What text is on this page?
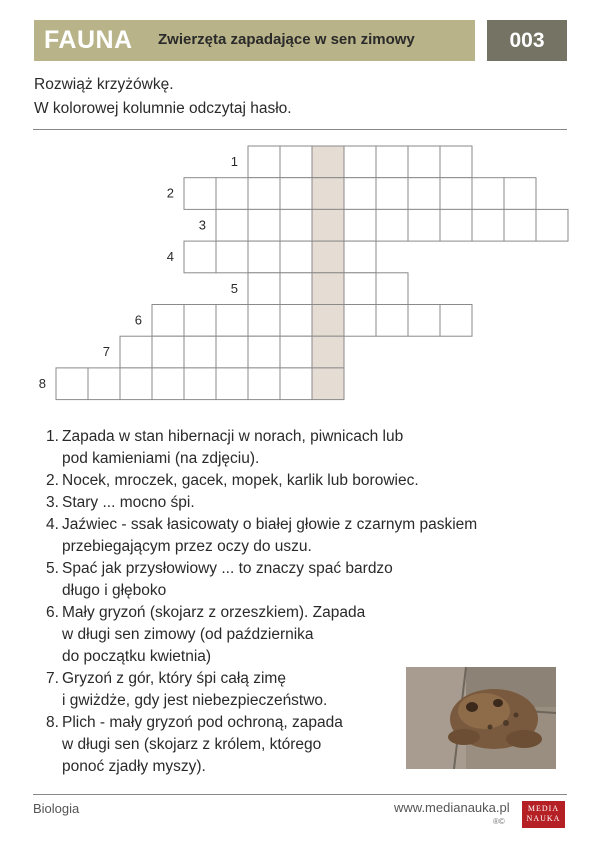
FAUNA Zwierzęta zapadające w sen zimowy	003
Rozwiąż krzyżówkę.
W kolorowej kolumnie odczytaj hasło.
1
2
3
4
5
6
7
8
1. Zapada w stan hibernacji w norach, piwnicach lub
pod kamieniami (na zdjęciu).
2. Nocek, mroczek, gacek, mopek, karlik lub borowiec.
3. Stary ... mocno śpi.
4. Jaźwiec - ssak łasicowaty o białej głowie z czarnym paskiem
przebiegającym przez oczy do uszu.
5. Spać jak przysłowiowy ... to znaczy spać bardzo
długo i głęboko
6. Mały gryzoń (skojarz z orzeszkiem). Zapada
w długi sen zimowy (od października
do początku kwietnia)
7. Gryzoń z gór, który śpi całą zimę
i gwiżdże, gdy jest niebezpieczeństwo.
8. Plich - mały gryzoń pod ochroną, zapada
w długi sen (skojarz z królem, którego
ponoć zjadły myszy).
Biologia	www.medianauka.pl
®©
MEDIA
NAUKA
